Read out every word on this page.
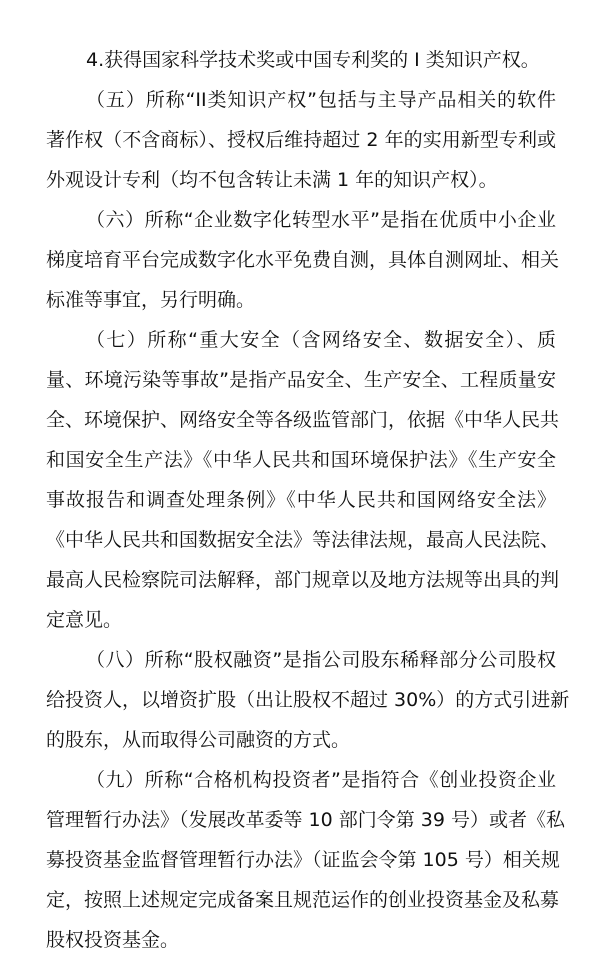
4.获得国家科学技术奖或中国专利奖的 I 类知识产权。
（五）所称“II类知识产权”包括与主导产品相关的软件
著作权（不含商标）、授权后维持超过 2 年的实用新型专利或
外观设计专利（均不包含转让未满 1 年的知识产权）。
（六）所称“企业数字化转型水平”是指在优质中小企业
梯度培育平台完成数字化水平免费自测，具体自测网址、相关
标准等事宜，另行明确。
（七）所称“重大安全（含网络安全、数据安全）、质
量、环境污染等事故”是指产品安全、生产安全、工程质量安
全、环境保护、网络安全等各级监管部门，依据《中华人民共
和国安全生产法》《中华人民共和国环境保护法》《生产安全
事故报告和调查处理条例》《中华人民共和国网络安全法》
《中华人民共和国数据安全法》等法律法规，最高人民法院、
最高人民检察院司法解释，部门规章以及地方法规等出具的判
定意见。
（八）所称“股权融资”是指公司股东稀释部分公司股权
给投资人，以增资扩股（出让股权不超过 30%）的方式引进新
的股东，从而取得公司融资的方式。
（九）所称“合格机构投资者”是指符合《创业投资企业
管理暂行办法》（发展改革委等 10 部门令第 39 号）或者《私
募投资基金监督管理暂行办法》（证监会令第 105 号）相关规
定，按照上述规定完成备案且规范运作的创业投资基金及私募
股权投资基金。
